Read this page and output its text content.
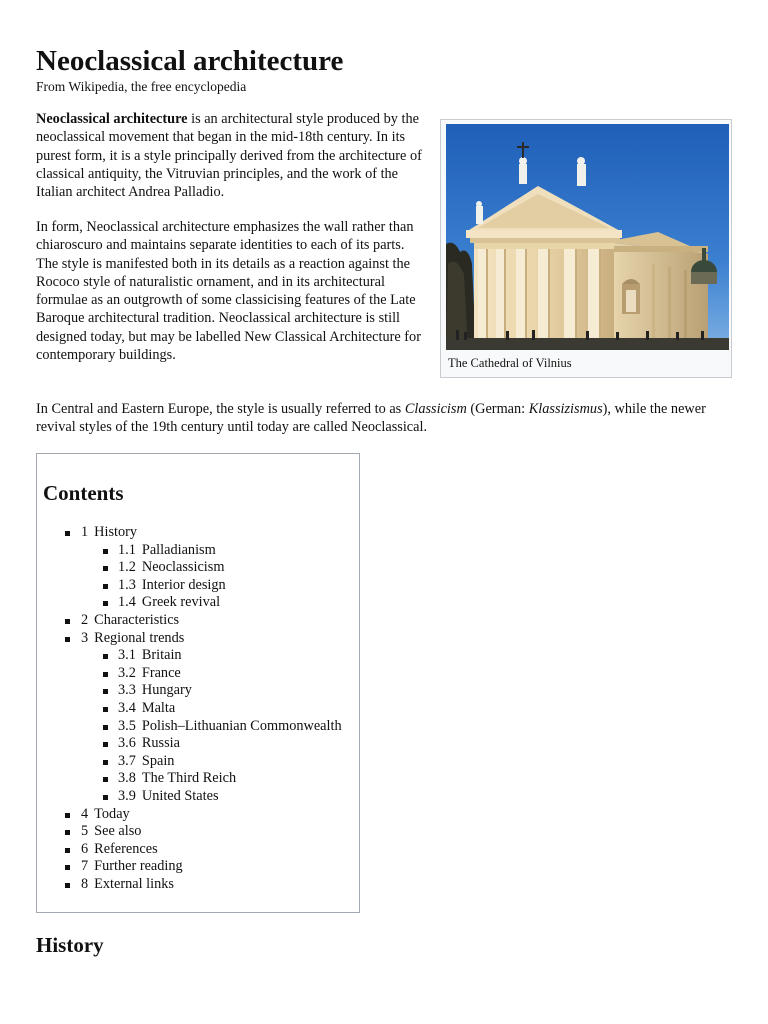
Neoclassical architecture
From Wikipedia, the free encyclopedia

Neoclassical architecture is an architectural style produced by the neoclassical movement that began in the mid-18th century. In its purest form, it is a style principally derived from the architecture of classical antiquity, the Vitruvian principles, and the work of the Italian architect Andrea Palladio.

In form, Neoclassical architecture emphasizes the wall rather than chiaroscuro and maintains separate identities to each of its parts. The style is manifested both in its details as a reaction against the Rococo style of naturalistic ornament, and in its architectural formulae as an outgrowth of some classicising features of the Late Baroque architectural tradition. Neoclassical architecture is still designed today, but may be labelled New Classical Architecture for contemporary buildings.	The Cathedral of Vilnius

In Central and Eastern Europe, the style is usually referred to as Classicism (German: Klassizismus), while the newer revival styles of the 19th century until today are called Neoclassical.

Contents
1 History
1.1 Palladianism
1.2 Neoclassicism
1.3 Interior design
1.4 Greek revival
2 Characteristics
3 Regional trends
3.1 Britain
3.2 France
3.3 Hungary
3.4 Malta
3.5 Polish–Lithuanian Commonwealth
3.6 Russia
3.7 Spain
3.8 The Third Reich
3.9 United States
4 Today
5 See also
6 References
7 Further reading
8 External links
History
